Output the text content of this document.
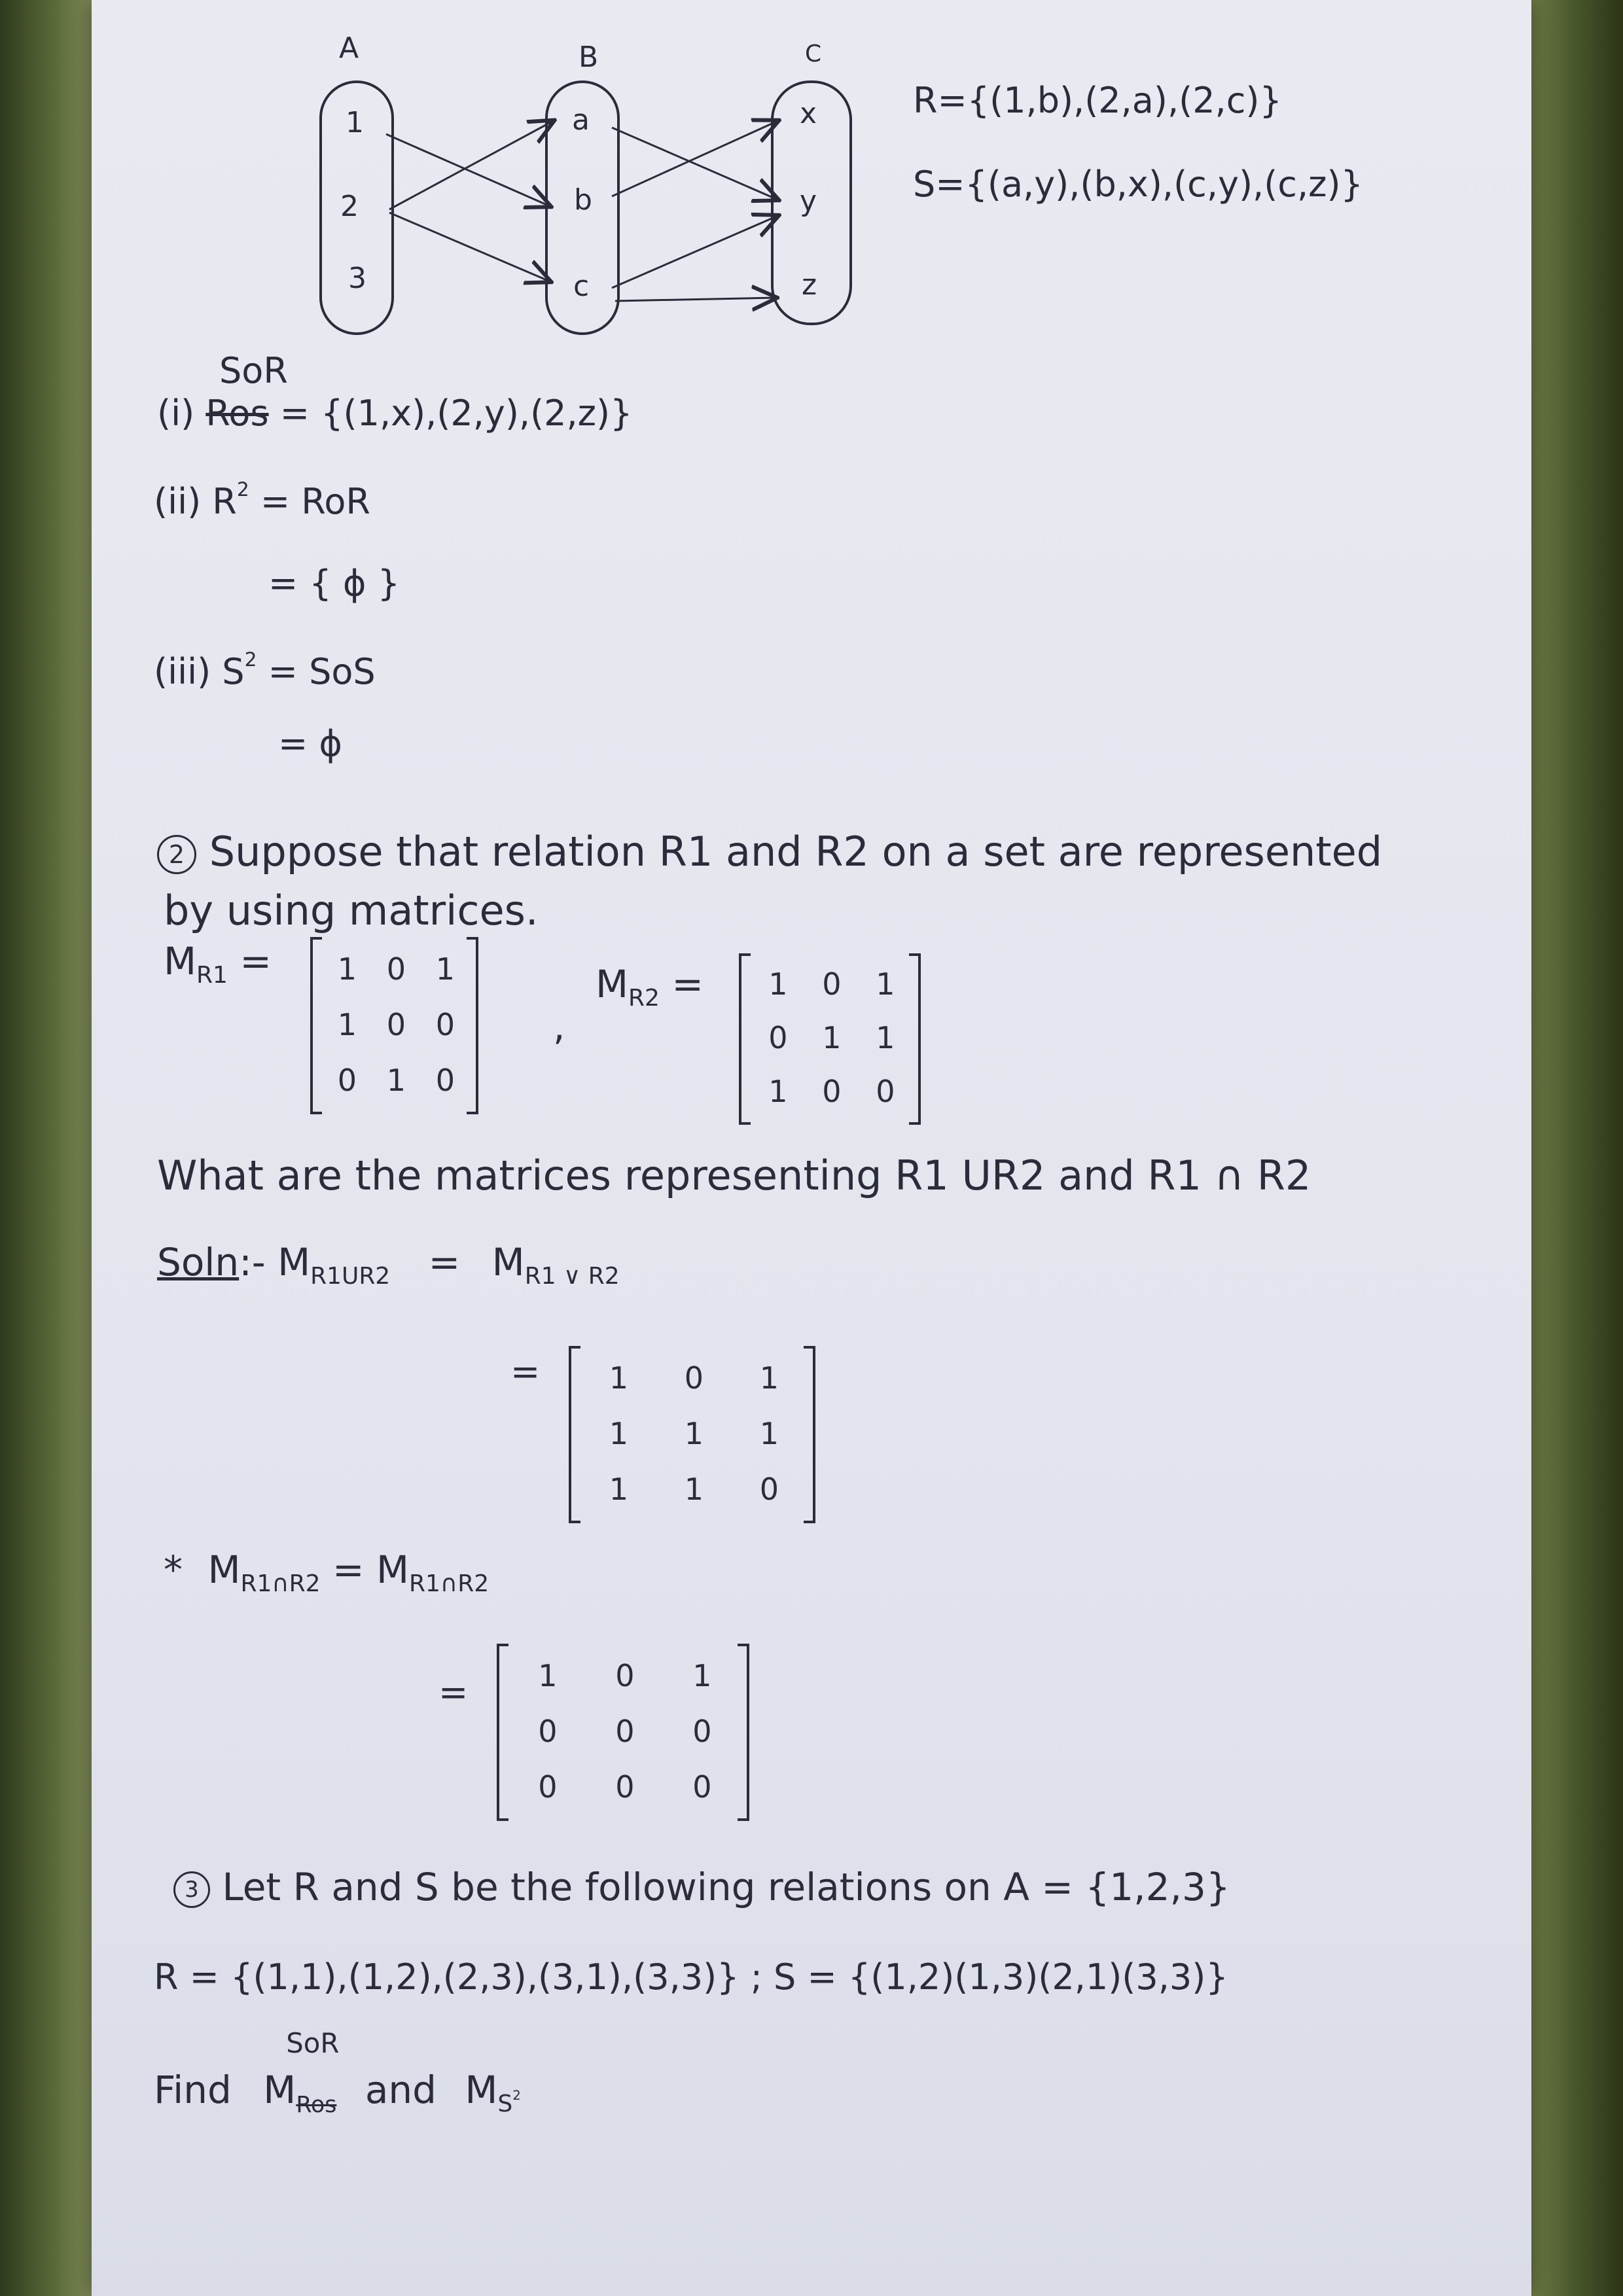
A	B	C
1
2
3
a
b
c
x
y
z
R={(1,b),(2,a),(2,c)}
S={(a,y),(b,x),(c,y),(c,z)}
SoR
(i) Ros = {(1,x),(2,y),(2,z)}
(ii) $R^2$ = RoR
= { ϕ }
(iii) $S^2$ = SoS
= ϕ
2 Suppose that relation R1 and R2 on a set are represented
by using matrices.
$M_{R1} = 1$ 0 1
1 0 0
0 1 0
,
$M_{R2} = 1$ 0 1
0 1 1
1 0 0
What are the matrices representing R1 UR2 and R1 ∩ R2
Soln:- $M_{R1UR2} = M_{R1 \vee R2}$
= 1 0 1
1 1 1
1 1 0
* $M_{R1\cap R2} = M_{R1\cap R2}$
= 1 0 1
0 0 0
0 0 0
3 Let R and S be the following relations on A = {1,2,3}
R = {(1,1),(1,2),(2,3),(3,1),(3,3)} ; S = {(1,2)(1,3)(2,1)(3,3)}
Find $M_{Ros}$
SoR
and $M_{S^2}$
